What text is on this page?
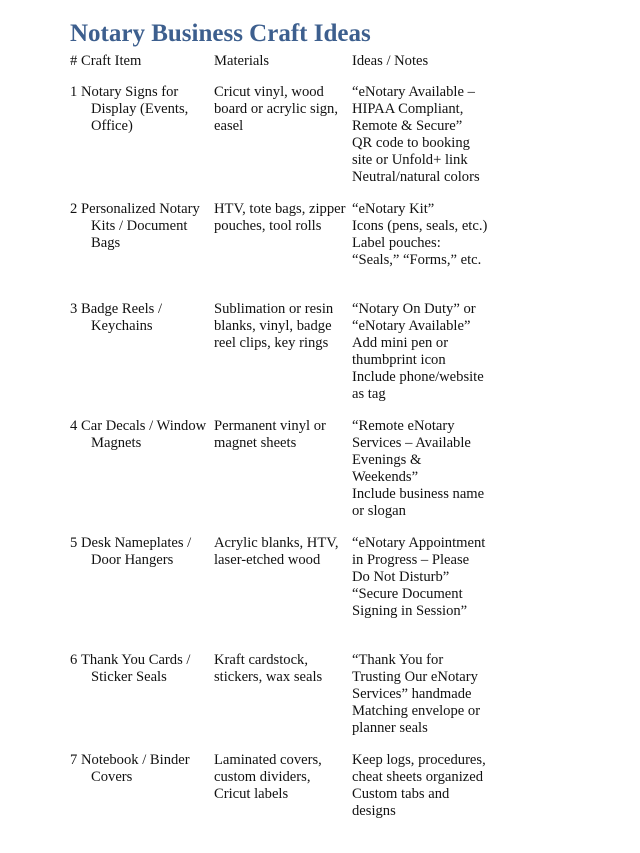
Notary Business Craft Ideas
# Craft Item	Materials	Ideas / Notes
1 Notary Signs for Display (Events, Office)
Cricut vinyl, wood board or acrylic sign, easel
“eNotary Available – HIPAA Compliant, Remote & Secure”
QR code to booking site or Unfold+ link
Neutral/natural colors
2 Personalized Notary Kits / Document Bags
HTV, tote bags, zipper pouches, tool rolls
“eNotary Kit”
Icons (pens, seals, etc.)
Label pouches: “Seals,” “Forms,” etc.
3 Badge Reels / Keychains
Sublimation or resin blanks, vinyl, badge reel clips, key rings
“Notary On Duty” or “eNotary Available”
Add mini pen or thumbprint icon
Include phone/website as tag
4 Car Decals / Window Magnets
Permanent vinyl or magnet sheets
“Remote eNotary Services – Available Evenings & Weekends”
Include business name or slogan
5 Desk Nameplates / Door Hangers
Acrylic blanks, HTV, laser-etched wood
“eNotary Appointment in Progress – Please Do Not Disturb”
“Secure Document Signing in Session”
6 Thank You Cards / Sticker Seals
Kraft cardstock, stickers, wax seals
“Thank You for Trusting Our eNotary Services” handmade
Matching envelope or planner seals
7 Notebook / Binder Covers
Laminated covers, custom dividers, Cricut labels
Keep logs, procedures, cheat sheets organized
Custom tabs and designs
